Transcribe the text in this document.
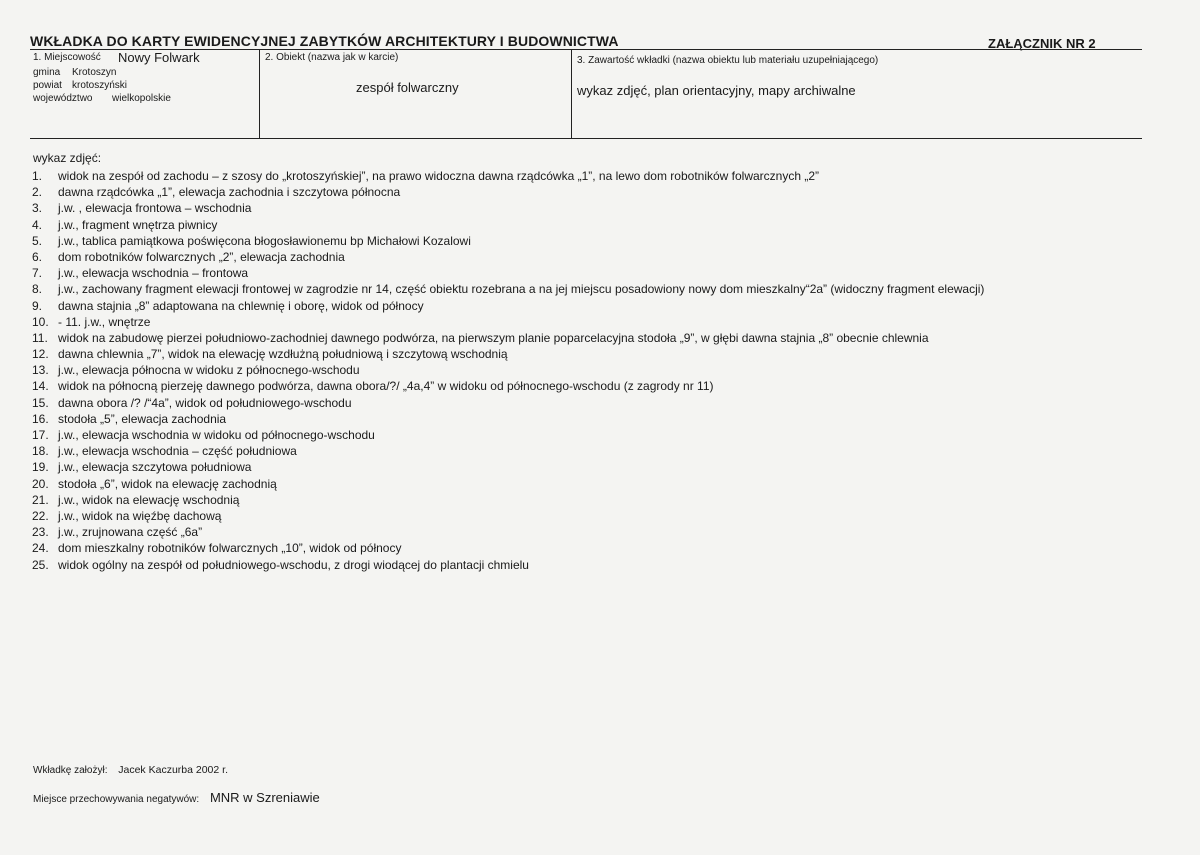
WKŁADKA DO KARTY EWIDENCYJNEJ ZABYTKÓW ARCHITEKTURY I BUDOWNICTWA	ZAŁĄCZNIK NR 2
1. Miejscowość Nowy Folwark
gmina Krotoszyn
powiat krotoszyński
województwo wielkopolskie
2. Obiekt (nazwa jak w karcie)
zespół folwarczny
3. Zawartość wkładki (nazwa obiektu lub materiału uzupełniającego)
wykaz zdjęć, plan orientacyjny, mapy archiwalne
wykaz zdjęć:
1.	widok na zespół od zachodu – z szosy do „krotoszyńskiej”, na prawo widoczna dawna rządcówka „1”, na lewo dom robotników folwarcznych „2”
2.	dawna rządcówka „1”, elewacja zachodnia i szczytowa północna
3.	j.w. , elewacja frontowa – wschodnia
4.	j.w., fragment wnętrza piwnicy
5.	j.w., tablica pamiątkowa poświęcona błogosławionemu bp Michałowi Kozalowi
6.	dom robotników folwarcznych „2”, elewacja zachodnia
7.	j.w., elewacja wschodnia – frontowa
8.	j.w., zachowany fragment elewacji frontowej w zagrodzie nr 14, część obiektu rozebrana a na jej miejscu posadowiony nowy dom mieszkalny“2a” (widoczny fragment elewacji)
9.	dawna stajnia „8” adaptowana na chlewnię i oborę, widok od północy
10. - 11. j.w., wnętrze
11. widok na zabudowę pierzei południowo-zachodniej dawnego podwórza, na pierwszym planie poparcelacyjna stodoła „9”, w głębi dawna stajnia „8” obecnie chlewnia
12. dawna chlewnia „7”, widok na elewację wzdłużną południową i szczytową wschodnią
13. j.w., elewacja północna w widoku z północnego-wschodu
14. widok na północną pierzeję dawnego podwórza, dawna obora/?/ „4a,4” w widoku od północnego-wschodu (z zagrody nr 11)
15. dawna obora /? /“4a”, widok od południowego-wschodu
16. stodoła „5”, elewacja zachodnia
17. j.w., elewacja wschodnia w widoku od północnego-wschodu
18. j.w., elewacja wschodnia – część południowa
19. j.w., elewacja szczytowa południowa
20. stodoła „6”, widok na elewację zachodnią
21. j.w., widok na elewację wschodnią
22. j.w., widok na więźbę dachową
23. j.w., zrujnowana część „6a”
24. dom mieszkalny robotników folwarcznych „10”, widok od północy
25. widok ogólny na zespół od południowego-wschodu, z drogi wiodącej do plantacji chmielu
Wkładkę założył: Jacek Kaczurba 2002 r.
Miejsce przechowywania negatywów: MNR w Szreniawie
